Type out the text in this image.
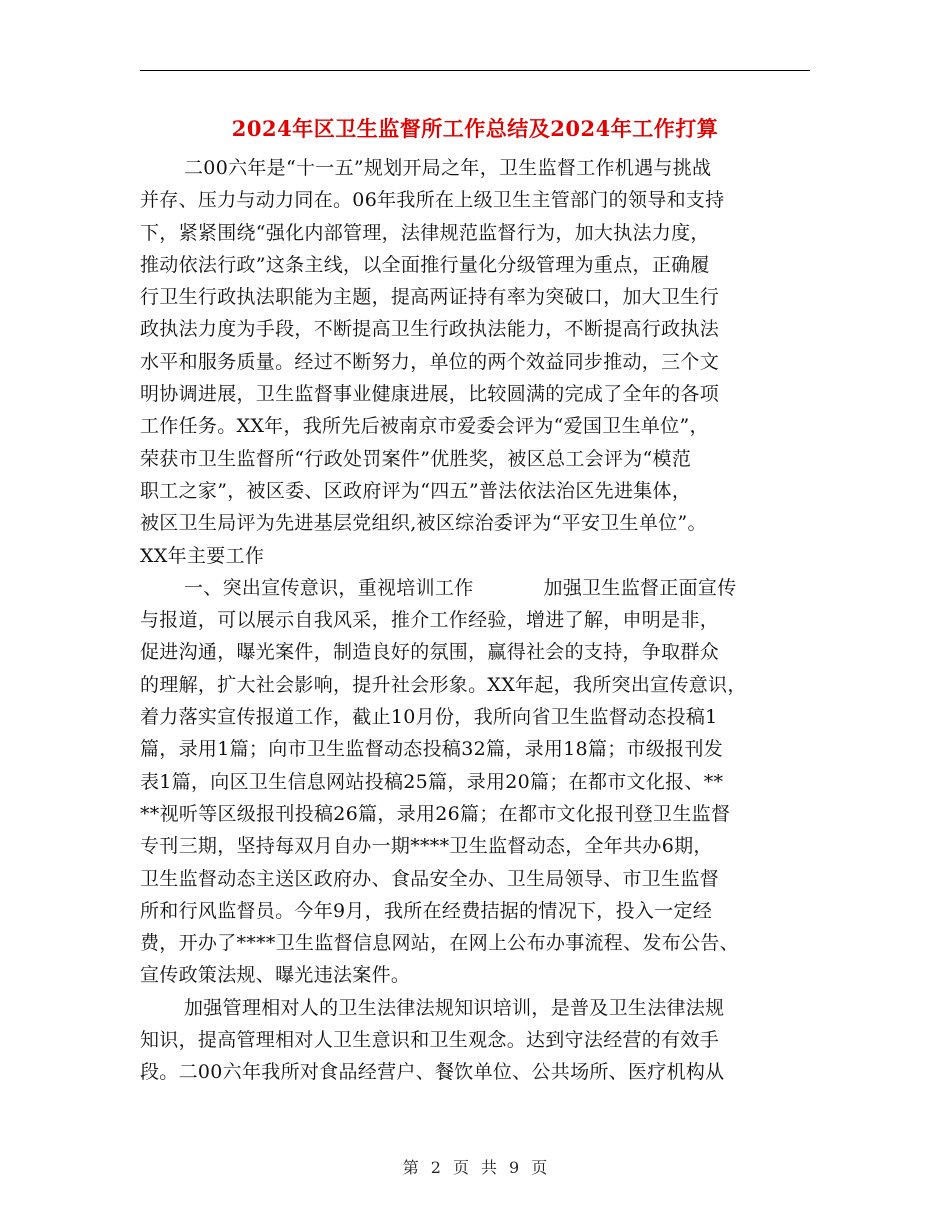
2024年区卫生监督所工作总结及2024年工作打算
二00六年是“十一五”规划开局之年，卫生监督工作机遇与挑战
并存、压力与动力同在。06年我所在上级卫生主管部门的领导和支持
下，紧紧围绕“强化内部管理，法律规范监督行为，加大执法力度，
推动依法行政”这条主线，以全面推行量化分级管理为重点，正确履
行卫生行政执法职能为主题，提高两证持有率为突破口，加大卫生行
政执法力度为手段，不断提高卫生行政执法能力，不断提高行政执法
水平和服务质量。经过不断努力，单位的两个效益同步推动，三个文
明协调进展，卫生监督事业健康进展，比较圆满的完成了全年的各项
工作任务。XX年，我所先后被南京市爱委会评为“爱国卫生单位”，
荣获市卫生监督所“行政处罚案件”优胜奖，被区总工会评为“模范
职工之家”，被区委、区政府评为“四五”普法依法治区先进集体，
被区卫生局评为先进基层党组织,被区综治委评为“平安卫生单位”。
XX年主要工作
一、突出宣传意识，重视培训工作	加强卫生监督正面宣传
与报道，可以展示自我风采，推介工作经验，增进了解，申明是非，
促进沟通，曝光案件，制造良好的氛围，赢得社会的支持，争取群众
的理解，扩大社会影响，提升社会形象。XX年起，我所突出宣传意识，
着力落实宣传报道工作，截止10月份，我所向省卫生监督动态投稿1
篇，录用1篇；向市卫生监督动态投稿32篇，录用18篇；市级报刊发
表1篇，向区卫生信息网站投稿25篇，录用20篇；在都市文化报、**
**视听等区级报刊投稿26篇，录用26篇；在都市文化报刊登卫生监督
专刊三期，坚持每双月自办一期****卫生监督动态，全年共办6期，
卫生监督动态主送区政府办、食品安全办、卫生局领导、市卫生监督
所和行风监督员。今年9月，我所在经费拮据的情况下，投入一定经
费，开办了****卫生监督信息网站，在网上公布办事流程、发布公告、
宣传政策法规、曝光违法案件。
加强管理相对人的卫生法律法规知识培训，是普及卫生法律法规
知识，提高管理相对人卫生意识和卫生观念。达到守法经营的有效手
段。二00六年我所对食品经营户、餐饮单位、公共场所、医疗机构从
第 2 页 共 9 页
